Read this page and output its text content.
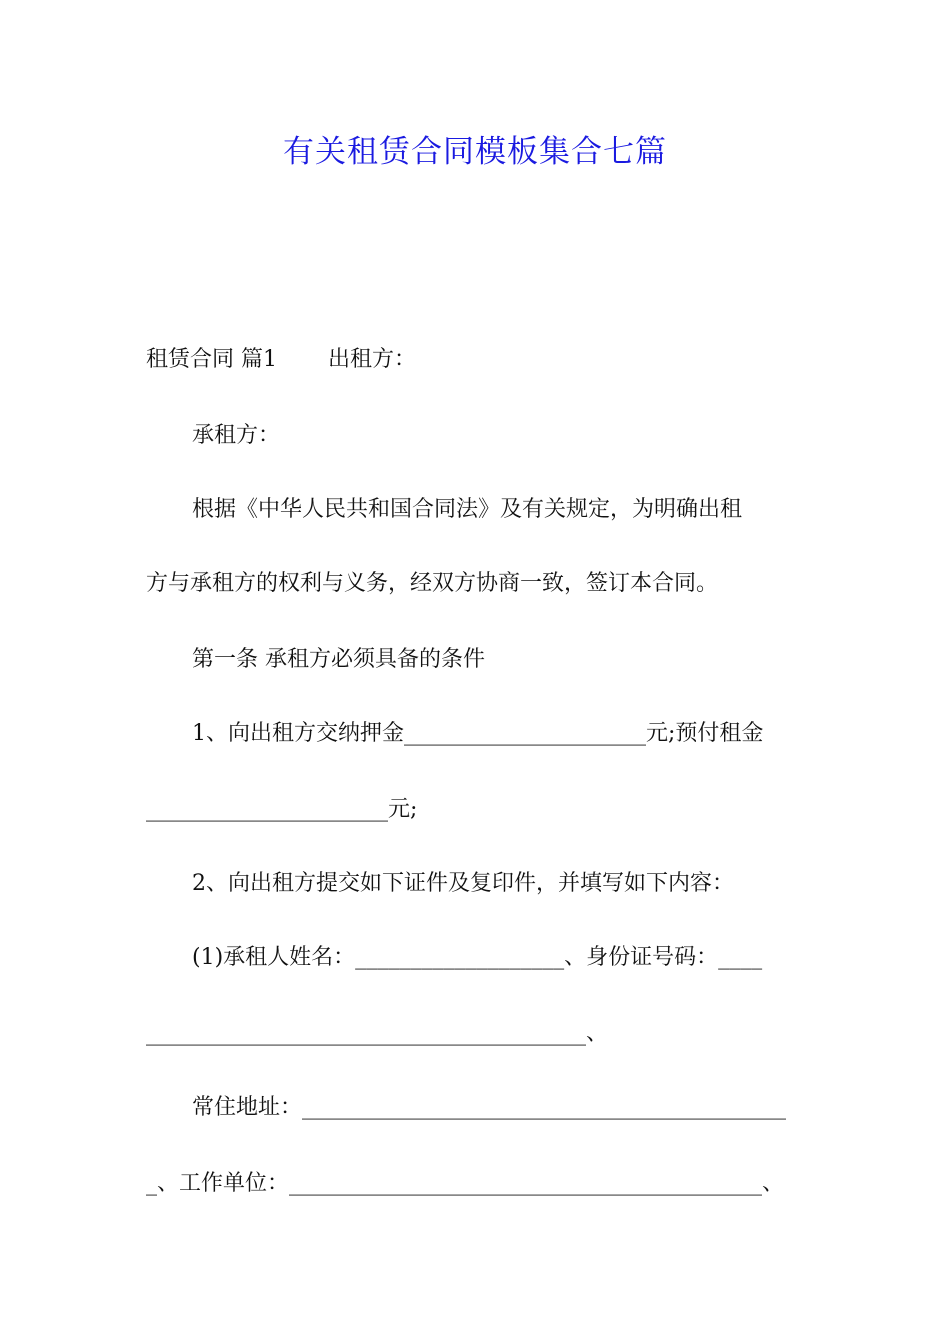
有关租赁合同模板集合七篇
租赁合同 篇1　　 出租方：
承租方：
根据《中华人民共和国合同法》及有关规定，为明确出租
方与承租方的权利与义务，经双方协商一致，签订本合同。
第一条 承租方必须具备的条件
1、向出租方交纳押金______________________元;预付租金
______________________元;
2、向出租方提交如下证件及复印件，并填写如下内容：
(1)承租人姓名：___________________、身份证号码：____
________________________________________、
常住地址：____________________________________________
_、工作单位：___________________________________________、
